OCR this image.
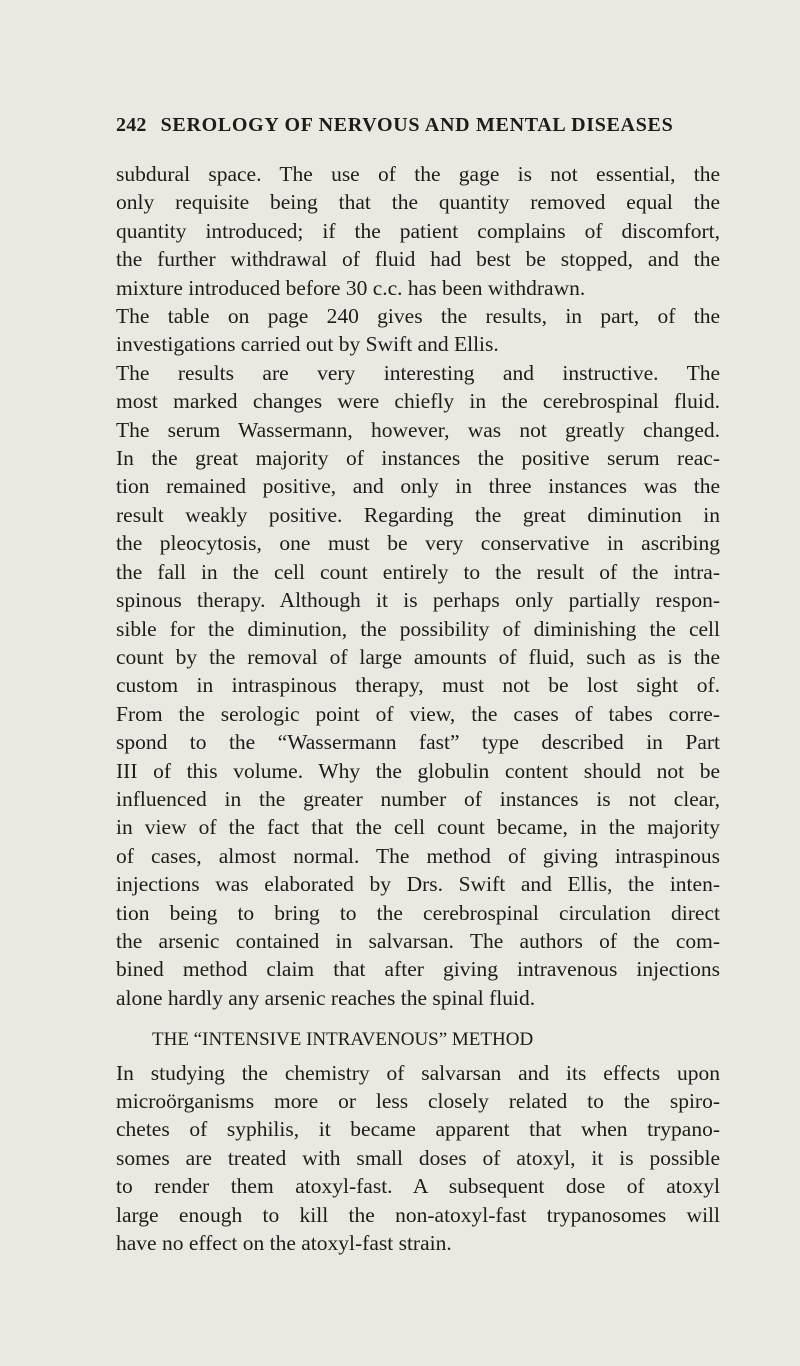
242 SEROLOGY OF NERVOUS AND MENTAL DISEASES
subdural space. The use of the gage is not essential, the
only requisite being that the quantity removed equal the
quantity introduced; if the patient complains of discomfort,
the further withdrawal of fluid had best be stopped, and the
mixture introduced before 30 c.c. has been withdrawn.
The table on page 240 gives the results, in part, of the
investigations carried out by Swift and Ellis.
The results are very interesting and instructive. The
most marked changes were chiefly in the cerebrospinal fluid.
The serum Wassermann, however, was not greatly changed.
In the great majority of instances the positive serum reac-
tion remained positive, and only in three instances was the
result weakly positive. Regarding the great diminution in
the pleocytosis, one must be very conservative in ascribing
the fall in the cell count entirely to the result of the intra-
spinous therapy. Although it is perhaps only partially respon-
sible for the diminution, the possibility of diminishing the cell
count by the removal of large amounts of fluid, such as is the
custom in intraspinous therapy, must not be lost sight of.
From the serologic point of view, the cases of tabes corre-
spond to the “Wassermann fast” type described in Part
III of this volume. Why the globulin content should not be
influenced in the greater number of instances is not clear,
in view of the fact that the cell count became, in the majority
of cases, almost normal. The method of giving intraspinous
injections was elaborated by Drs. Swift and Ellis, the inten-
tion being to bring to the cerebrospinal circulation direct
the arsenic contained in salvarsan. The authors of the com-
bined method claim that after giving intravenous injections
alone hardly any arsenic reaches the spinal fluid.
THE “INTENSIVE INTRAVENOUS” METHOD
In studying the chemistry of salvarsan and its effects upon
microörganisms more or less closely related to the spiro-
chetes of syphilis, it became apparent that when trypano-
somes are treated with small doses of atoxyl, it is possible
to render them atoxyl-fast. A subsequent dose of atoxyl
large enough to kill the non-atoxyl-fast trypanosomes will
have no effect on the atoxyl-fast strain.
